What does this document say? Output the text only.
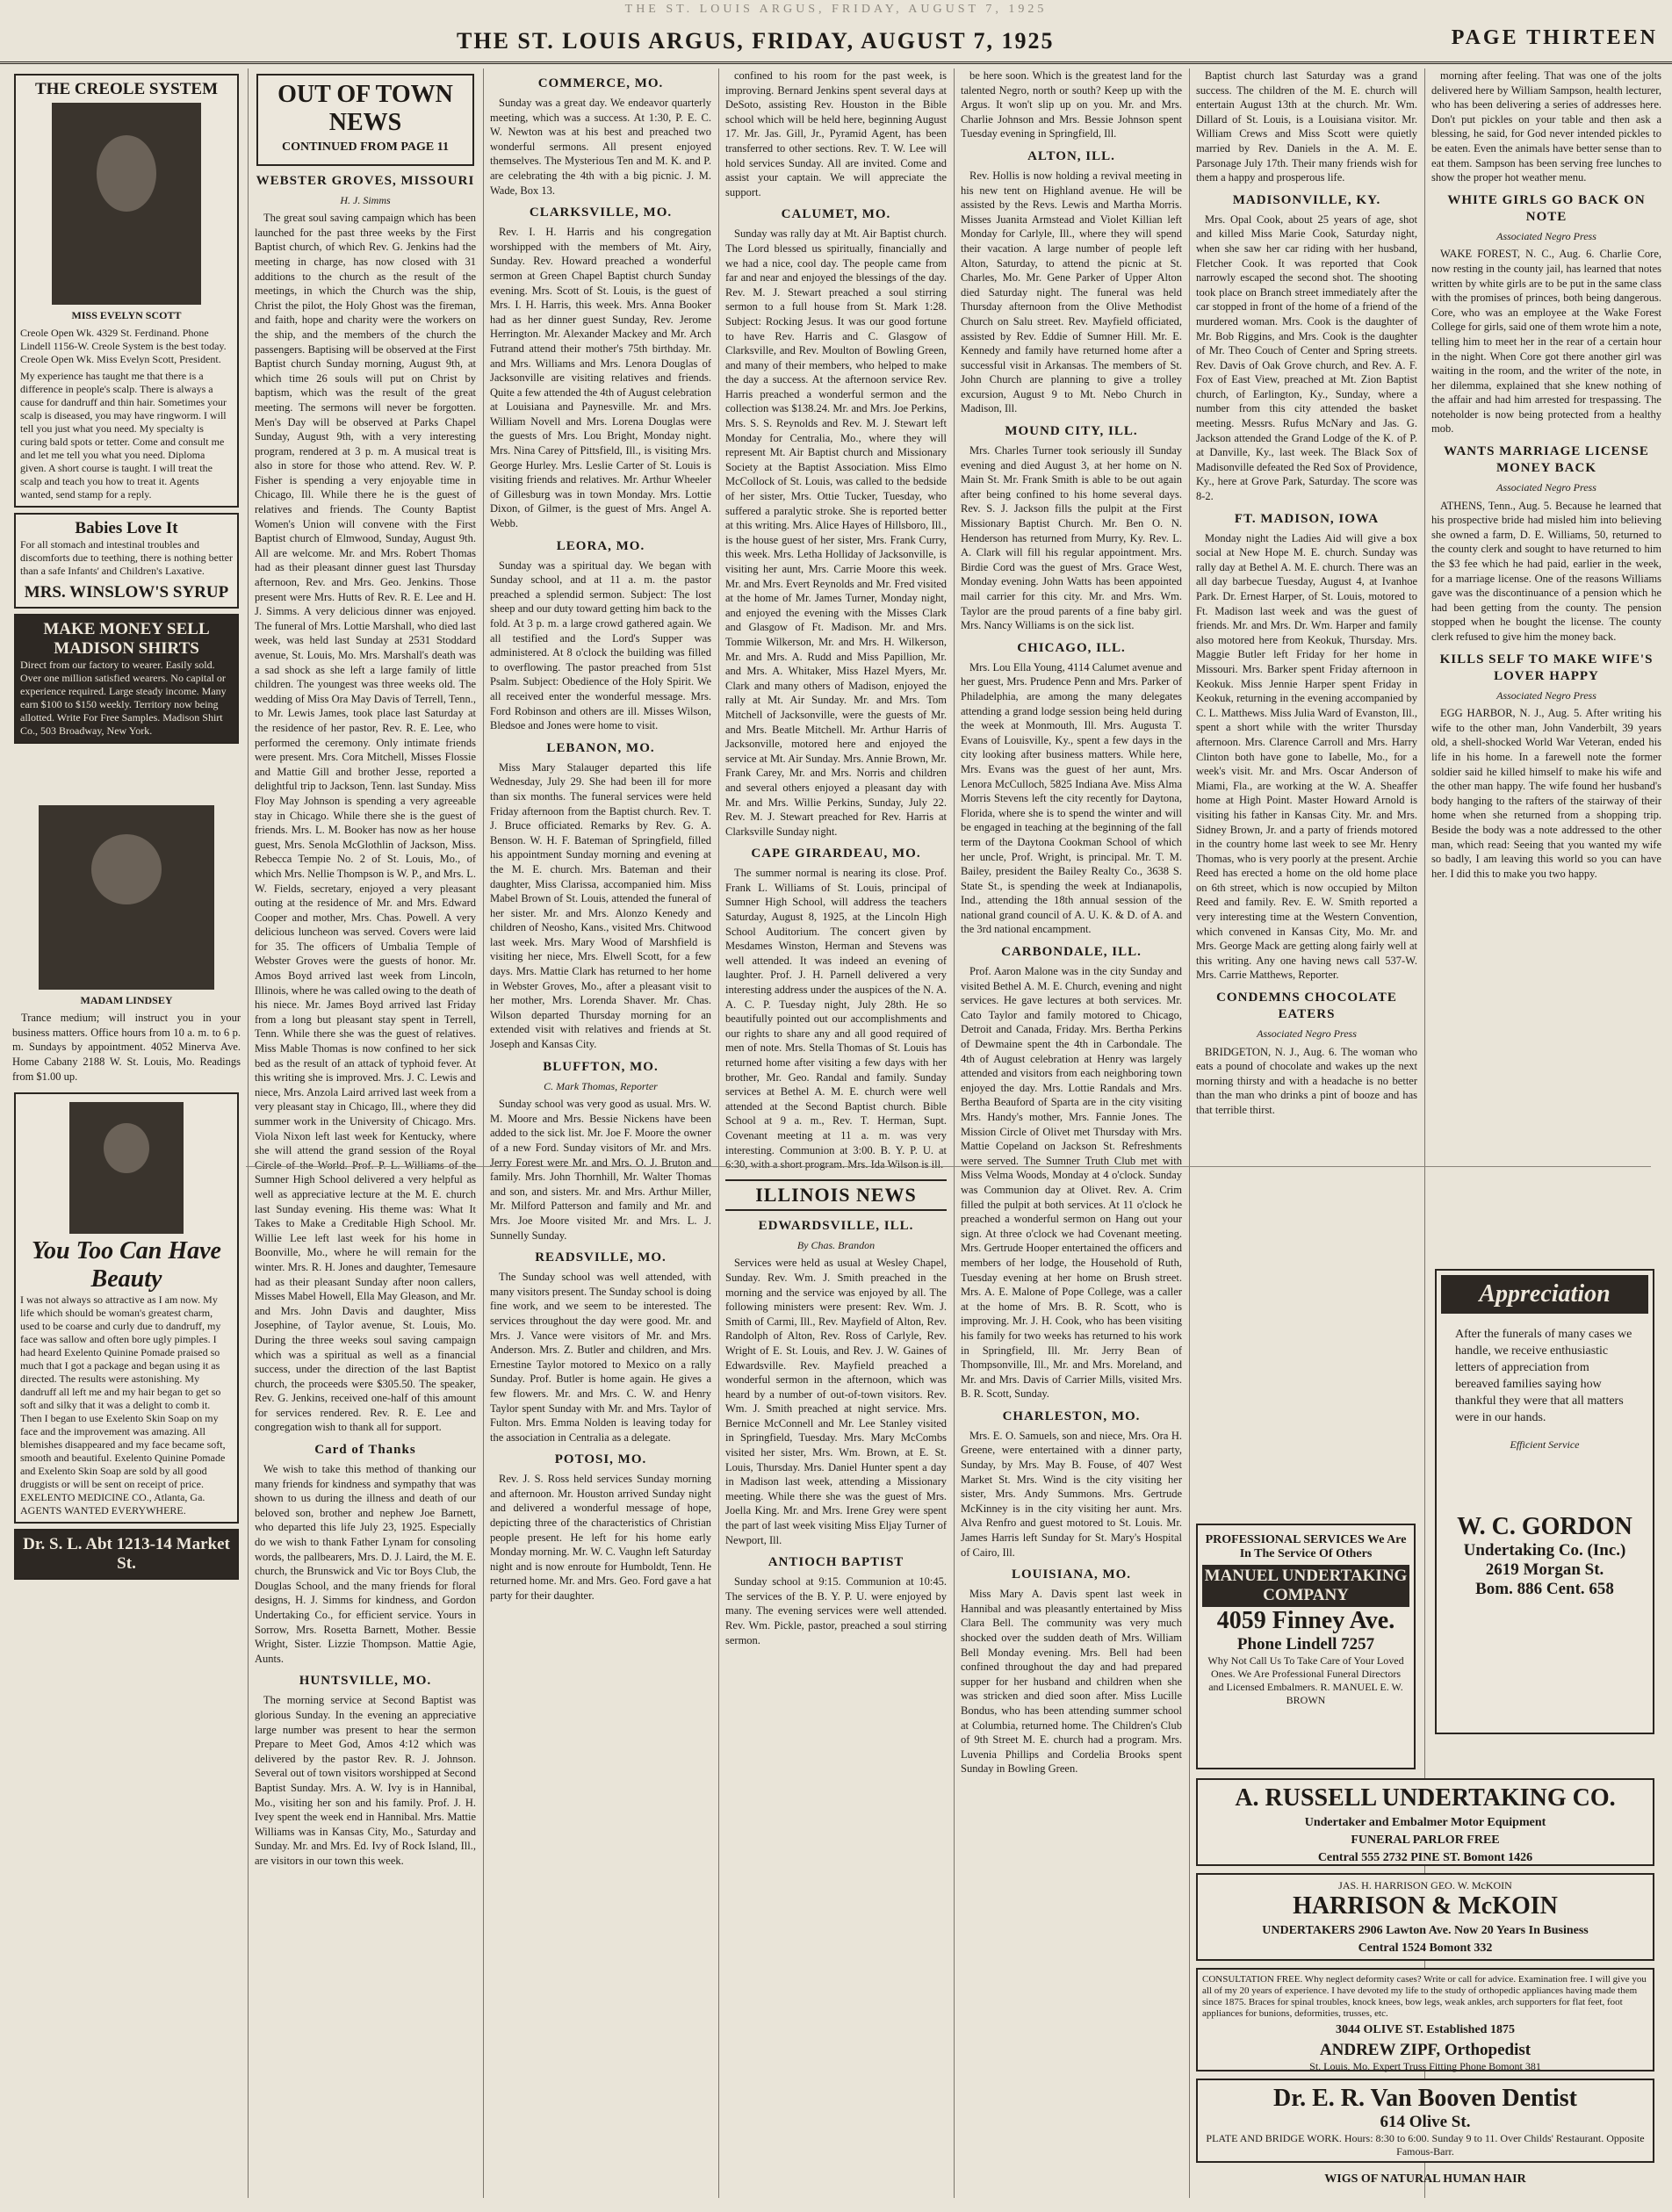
THE ST. LOUIS ARGUS, FRIDAY, AUGUST 7, 1925
THE ST. LOUIS ARGUS, FRIDAY, AUGUST 7, 1925	PAGE THIRTEEN
THE CREOLE SYSTEM
MISS EVELYN SCOTT
Creole Open Wk. 4329 St. Ferdinand. Phone Lindell 1156-W. Creole System is the best today. Creole Open Wk. Miss Evelyn Scott, President.
My experience has taught me that there is a difference in people's scalp. There is always a cause for dandruff and thin hair. Sometimes your scalp is diseased, you may have ringworm. I will tell you just what you need. My specialty is curing bald spots or tetter. Come and consult me and let me tell you what you need. Diploma given. A short course is taught. I will treat the scalp and teach you how to treat it. Agents wanted, send stamp for a reply.
Babies Love It
For all stomach and intestinal troubles and discomforts due to teething, there is nothing better than a safe Infants' and Children's Laxative.
MRS. WINSLOW'S SYRUP
MAKE MONEY SELL MADISON SHIRTS
Direct from our factory to wearer. Easily sold. Over one million satisfied wearers. No capital or experience required. Large steady income. Many earn $100 to $150 weekly. Territory now being allotted. Write For Free Samples. Madison Shirt Co., 503 Broadway, New York.
MADAM LINDSEY

Trance medium; will instruct you in your business matters. Office hours from 10 a. m. to 6 p. m. Sundays by appointment. 4052 Minerva Ave. Home Cabany 2188 W. St. Louis, Mo. Readings from $1.00 up.

You Too Can Have Beauty
I was not always so attractive as I am now. My life which should be woman's greatest charm, used to be coarse and curly due to dandruff, my face was sallow and often bore ugly pimples. I had heard Exelento Quinine Pomade praised so much that I got a package and began using it as directed. The results were astonishing. My dandruff all left me and my hair began to get so soft and silky that it was a delight to comb it. Then I began to use Exelento Skin Soap on my face and the improvement was amazing. All blemishes disappeared and my face became soft, smooth and beautiful. Exelento Quinine Pomade and Exelento Skin Soap are sold by all good druggists or will be sent on receipt of price. EXELENTO MEDICINE CO., Atlanta, Ga. AGENTS WANTED EVERYWHERE.
Dr. S. L. Abt 1213-14 Market St.
OUT OF TOWN NEWS
CONTINUED FROM PAGE 11
WEBSTER GROVES, MISSOURI
H. J. Simms

The great soul saving campaign which has been launched for the past three weeks by the First Baptist church, of which Rev. G. Jenkins had the meeting in charge, has now closed with 31 additions to the church as the result of the meetings, in which the Church was the ship, Christ the pilot, the Holy Ghost was the fireman, and faith, hope and charity were the workers on the ship, and the members of the church the passengers. Baptising will be observed at the First Baptist church Sunday morning, August 9th, at which time 26 souls will put on Christ by baptism, which was the result of the great meeting. The sermons will never be forgotten. Men's Day will be observed at Parks Chapel Sunday, August 9th, with a very interesting program, rendered at 3 p. m. A musical treat is also in store for those who attend. Rev. W. P. Fisher is spending a very enjoyable time in Chicago, Ill. While there he is the guest of relatives and friends. The County Baptist Women's Union will convene with the First Baptist church of Elmwood, Sunday, August 9th. All are welcome. Mr. and Mrs. Robert Thomas had as their pleasant dinner guest last Thursday afternoon, Rev. and Mrs. Geo. Jenkins. Those present were Mrs. Hutts of Rev. R. E. Lee and H. J. Simms. A very delicious dinner was enjoyed. The funeral of Mrs. Lottie Marshall, who died last week, was held last Sunday at 2531 Stoddard avenue, St. Louis, Mo. Mrs. Marshall's death was a sad shock as she left a large family of little children. The youngest was three weeks old. The wedding of Miss Ora May Davis of Terrell, Tenn., to Mr. Lewis James, took place last Saturday at the residence of her pastor, Rev. R. E. Lee, who performed the ceremony. Only intimate friends were present. Mrs. Cora Mitchell, Misses Flossie and Mattie Gill and brother Jesse, reported a delightful trip to Jackson, Tenn. last Sunday. Miss Floy May Johnson is spending a very agreeable stay in Chicago. While there she is the guest of friends. Mrs. L. M. Booker has now as her house guest, Mrs. Senola McGlothlin of Jackson, Miss. Rebecca Tempie No. 2 of St. Louis, Mo., of which Mrs. Nellie Thompson is W. P., and Mrs. L. W. Fields, secretary, enjoyed a very pleasant outing at the residence of Mr. and Mrs. Edward Cooper and mother, Mrs. Chas. Powell. A very delicious luncheon was served. Covers were laid for 35. The officers of Umbalia Temple of Webster Groves were the guests of honor. Mr. Amos Boyd arrived last week from Lincoln, Illinois, where he was called owing to the death of his niece. Mr. James Boyd arrived last Friday from a long but pleasant stay spent in Terrell, Tenn. While there she was the guest of relatives. Miss Mable Thomas is now confined to her sick bed as the result of an attack of typhoid fever. At this writing she is improved. Mrs. J. C. Lewis and niece, Mrs. Anzola Laird arrived last week from a very pleasant stay in Chicago, Ill., where they did summer work in the University of Chicago. Mrs. Viola Nixon left last week for Kentucky, where she will attend the grand session of the Royal Circle of the World. Prof. P. L. Williams of the Sumner High School delivered a very helpful as well as appreciative lecture at the M. E. church last Sunday evening. His theme was: What It Takes to Make a Creditable High School. Mr. Willie Lee left last week for his home in Boonville, Mo., where he will remain for the winter. Mrs. R. H. Jones and daughter, Temesaure had as their pleasant Sunday after noon callers, Misses Mabel Howell, Ella May Gleason, and Mr. and Mrs. John Davis and daughter, Miss Josephine, of Taylor avenue, St. Louis, Mo. During the three weeks soul saving campaign which was a spiritual as well as a financial success, under the direction of the last Baptist church, the proceeds were $305.50. The speaker, Rev. G. Jenkins, received one-half of this amount for services rendered. Rev. R. E. Lee and congregation wish to thank all for support.

Card of Thanks

We wish to take this method of thanking our many friends for kindness and sympathy that was shown to us during the illness and death of our beloved son, brother and nephew Joe Barnett, who departed this life July 23, 1925. Especially do we wish to thank Father Lynam for consoling words, the pallbearers, Mrs. D. J. Laird, the M. E. church, the Brunswick and Vic tor Boys Club, the Douglas School, and the many friends for floral designs, H. J. Simms for kindness, and Gordon Undertaking Co., for efficient service. Yours in Sorrow, Mrs. Rosetta Barnett, Mother. Bessie Wright, Sister. Lizzie Thompson. Mattie Agie, Aunts.

HUNTSVILLE, MO.

The morning service at Second Baptist was glorious Sunday. In the evening an appreciative large number was present to hear the sermon Prepare to Meet God, Amos 4:12 which was delivered by the pastor Rev. R. J. Johnson. Several out of town visitors worshipped at Second Baptist Sunday. Mrs. A. W. Ivy is in Hannibal, Mo., visiting her son and his family. Prof. J. H. Ivey spent the week end in Hannibal. Mrs. Mattie Williams was in Kansas City, Mo., Saturday and Sunday. Mr. and Mrs. Ed. Ivy of Rock Island, Ill., are visitors in our town this week.

COMMERCE, MO.

Sunday was a great day. We endeavor quarterly meeting, which was a success. At 1:30, P. E. C. W. Newton was at his best and preached two wonderful sermons. All present enjoyed themselves. The Mysterious Ten and M. K. and P. are celebrating the 4th with a big picnic. J. M. Wade, Box 13.

CLARKSVILLE, MO.

Rev. I. H. Harris and his congregation worshipped with the members of Mt. Airy, Sunday. Rev. Howard preached a wonderful sermon at Green Chapel Baptist church Sunday evening. Mrs. Scott of St. Louis, is the guest of Mrs. I. H. Harris, this week. Mrs. Anna Booker had as her dinner guest Sunday, Rev. Jerome Herrington. Mr. Alexander Mackey and Mr. Arch Futrand attend their mother's 75th birthday. Mr. and Mrs. Williams and Mrs. Lenora Douglas of Jacksonville are visiting relatives and friends. Quite a few attended the 4th of August celebration at Louisiana and Paynesville. Mr. and Mrs. William Novell and Mrs. Lorena Douglas were the guests of Mrs. Lou Bright, Monday night. Mrs. Nina Carey of Pittsfield, Ill., is visiting Mrs. George Hurley. Mrs. Leslie Carter of St. Louis is visiting friends and relatives. Mr. Arthur Wheeler of Gillesburg was in town Monday. Mrs. Lottie Dixon, of Gilmer, is the guest of Mrs. Angel A. Webb.

LEORA, MO.

Sunday was a spiritual day. We began with Sunday school, and at 11 a. m. the pastor preached a splendid sermon. Subject: The lost sheep and our duty toward getting him back to the fold. At 3 p. m. a large crowd gathered again. We all testified and the Lord's Supper was administered. At 8 o'clock the building was filled to overflowing. The pastor preached from 51st Psalm. Subject: Obedience of the Holy Spirit. We all received enter the wonderful message. Mrs. Ford Robinson and others are ill. Misses Wilson, Bledsoe and Jones were home to visit.

LEBANON, MO.

Miss Mary Stalauger departed this life Wednesday, July 29. She had been ill for more than six months. The funeral services were held Friday afternoon from the Baptist church. Rev. T. J. Bruce officiated. Remarks by Rev. G. A. Benson. W. H. F. Bateman of Springfield, filled his appointment Sunday morning and evening at the M. E. church. Mrs. Bateman and their daughter, Miss Clarissa, accompanied him. Miss Mabel Brown of St. Louis, attended the funeral of her sister. Mr. and Mrs. Alonzo Kenedy and children of Neosho, Kans., visited Mrs. Chitwood last week. Mrs. Mary Wood of Marshfield is visiting her niece, Mrs. Elwell Scott, for a few days. Mrs. Mattie Clark has returned to her home in Webster Groves, Mo., after a pleasant visit to her mother, Mrs. Lorenda Shaver. Mr. Chas. Wilson departed Thursday morning for an extended visit with relatives and friends at St. Joseph and Kansas City.

BLUFFTON, MO.
C. Mark Thomas, Reporter

Sunday school was very good as usual. Mrs. W. M. Moore and Mrs. Bessie Nickens have been added to the sick list. Mr. Joe F. Moore the owner of a new Ford. Sunday visitors of Mr. and Mrs. Jerry Forest were Mr. and Mrs. O. J. Bruton and family. Mrs. John Thornhill, Mr. Walter Thomas and son, and sisters. Mr. and Mrs. Arthur Miller, Mr. Milford Patterson and family and Mr. and Mrs. Joe Moore visited Mr. and Mrs. L. J. Sunnelly Sunday.

READSVILLE, MO.

The Sunday school was well attended, with many visitors present. The Sunday school is doing fine work, and we seem to be interested. The services throughout the day were good. Mr. and Mrs. J. Vance were visitors of Mr. and Mrs. Anderson. Mrs. Z. Butler and children, and Mrs. Ernestine Taylor motored to Mexico on a rally Sunday. Prof. Butler is home again. He gives a few flowers. Mr. and Mrs. C. W. and Henry Taylor spent Sunday with Mr. and Mrs. Taylor of Fulton. Mrs. Emma Nolden is leaving today for the association in Centralia as a delegate.

POTOSI, MO.

Rev. J. S. Ross held services Sunday morning and afternoon. Mr. Houston arrived Sunday night and delivered a wonderful message of hope, depicting three of the characteristics of Christian people present. He left for his home early Monday morning. Mr. W. C. Vaughn left Saturday night and is now enroute for Humboldt, Tenn. He returned home. Mr. and Mrs. Geo. Ford gave a hat party for their daughter.

confined to his room for the past week, is improving. Bernard Jenkins spent several days at DeSoto, assisting Rev. Houston in the Bible school which will be held here, beginning August 17. Mr. Jas. Gill, Jr., Pyramid Agent, has been transferred to other sections. Rev. T. W. Lee will hold services Sunday. All are invited. Come and assist your captain. We will appreciate the support.

CALUMET, MO.

Sunday was rally day at Mt. Air Baptist church. The Lord blessed us spiritually, financially and we had a nice, cool day. The people came from far and near and enjoyed the blessings of the day. Rev. M. J. Stewart preached a soul stirring sermon to a full house from St. Mark 1:28. Subject: Rocking Jesus. It was our good fortune to have Rev. Harris and C. Glasgow of Clarksville, and Rev. Moulton of Bowling Green, and many of their members, who helped to make the day a success. At the afternoon service Rev. Harris preached a wonderful sermon and the collection was $138.24. Mr. and Mrs. Joe Perkins, Mrs. S. S. Reynolds and Rev. M. J. Stewart left Monday for Centralia, Mo., where they will represent Mt. Air Baptist church and Missionary Society at the Baptist Association. Miss Elmo McCollock of St. Louis, was called to the bedside of her sister, Mrs. Ottie Tucker, Tuesday, who suffered a paralytic stroke. She is reported better at this writing. Mrs. Alice Hayes of Hillsboro, Ill., is the house guest of her sister, Mrs. Frank Curry, this week. Mrs. Letha Holliday of Jacksonville, is visiting her aunt, Mrs. Carrie Moore this week. Mr. and Mrs. Evert Reynolds and Mr. Fred visited at the home of Mr. James Turner, Monday night, and enjoyed the evening with the Misses Clark and Glasgow of Ft. Madison. Mr. and Mrs. Tommie Wilkerson, Mr. and Mrs. H. Wilkerson, Mr. and Mrs. A. Rudd and Miss Papillion, Mr. and Mrs. A. Whitaker, Miss Hazel Myers, Mr. Clark and many others of Madison, enjoyed the rally at Mt. Air Sunday. Mr. and Mrs. Tom Mitchell of Jacksonville, were the guests of Mr. and Mrs. Beatle Mitchell. Mr. Arthur Harris of Jacksonville, motored here and enjoyed the service at Mt. Air Sunday. Mrs. Annie Brown, Mr. Frank Carey, Mr. and Mrs. Norris and children and several others enjoyed a pleasant day with Mr. and Mrs. Willie Perkins, Sunday, July 22. Rev. M. J. Stewart preached for Rev. Harris at Clarksville Sunday night.

CAPE GIRARDEAU, MO.

The summer normal is nearing its close. Prof. Frank L. Williams of St. Louis, principal of Sumner High School, will address the teachers Saturday, August 8, 1925, at the Lincoln High School Auditorium. The concert given by Mesdames Winston, Herman and Stevens was well attended. It was indeed an evening of laughter. Prof. J. H. Parnell delivered a very interesting address under the auspices of the N. A. A. C. P. Tuesday night, July 28th. He so beautifully pointed out our accomplishments and our rights to share any and all good required of men of note. Mrs. Stella Thomas of St. Louis has returned home after visiting a few days with her brother, Mr. Geo. Randal and family. Sunday services at Bethel A. M. E. church were well attended at the Second Baptist church. Bible School at 9 a. m., Rev. T. Herman, Supt. Covenant meeting at 11 a. m. was very interesting. Communion at 3:00. B. Y. P. U. at 6:30, with a short program. Mrs. Ida Wilson is ill.

ILLINOIS NEWS
EDWARDSVILLE, ILL.
By Chas. Brandon

Services were held as usual at Wesley Chapel, Sunday. Rev. Wm. J. Smith preached in the morning and the service was enjoyed by all. The following ministers were present: Rev. Wm. J. Smith of Carmi, Ill., Rev. Mayfield of Alton, Rev. Randolph of Alton, Rev. Ross of Carlyle, Rev. Wright of E. St. Louis, and Rev. J. W. Gaines of Edwardsville. Rev. Mayfield preached a wonderful sermon in the afternoon, which was heard by a number of out-of-town visitors. Rev. Wm. J. Smith preached at night service. Mrs. Bernice McConnell and Mr. Lee Stanley visited in Springfield, Tuesday. Mrs. Mary McCombs visited her sister, Mrs. Wm. Brown, at E. St. Louis, Thursday. Mrs. Daniel Hunter spent a day in Madison last week, attending a Missionary meeting. While there she was the guest of Mrs. Joella King. Mr. and Mrs. Irene Grey were spent the part of last week visiting Miss Eljay Turner of Newport, Ill.

ANTIOCH BAPTIST

Sunday school at 9:15. Communion at 10:45. The services of the B. Y. P. U. were enjoyed by many. The evening services were well attended. Rev. Wm. Pickle, pastor, preached a soul stirring sermon.

be here soon. Which is the greatest land for the talented Negro, north or south? Keep up with the Argus. It won't slip up on you. Mr. and Mrs. Charlie Johnson and Mrs. Bessie Johnson spent Tuesday evening in Springfield, Ill.

ALTON, ILL.

Rev. Hollis is now holding a revival meeting in his new tent on Highland avenue. He will be assisted by the Revs. Lewis and Martha Morris. Misses Juanita Armstead and Violet Killian left Monday for Carlyle, Ill., where they will spend their vacation. A large number of people left Alton, Saturday, to attend the picnic at St. Charles, Mo. Mr. Gene Parker of Upper Alton died Saturday night. The funeral was held Thursday afternoon from the Olive Methodist Church on Salu street. Rev. Mayfield officiated, assisted by Rev. Eddie of Sumner Hill. Mr. E. Kennedy and family have returned home after a successful visit in Arkansas. The members of St. John Church are planning to give a trolley excursion, August 9 to Mt. Nebo Church in Madison, Ill.

MOUND CITY, ILL.

Mrs. Charles Turner took seriously ill Sunday evening and died August 3, at her home on N. Main St. Mr. Frank Smith is able to be out again after being confined to his home several days. Rev. S. J. Jackson fills the pulpit at the First Missionary Baptist Church. Mr. Ben O. N. Henderson has returned from Murry, Ky. Rev. L. A. Clark will fill his regular appointment. Mrs. Birdie Cord was the guest of Mrs. Grace West, Monday evening. John Watts has been appointed mail carrier for this city. Mr. and Mrs. Wm. Taylor are the proud parents of a fine baby girl. Mrs. Nancy Williams is on the sick list.

CHICAGO, ILL.

Mrs. Lou Ella Young, 4114 Calumet avenue and her guest, Mrs. Prudence Penn and Mrs. Parker of Philadelphia, are among the many delegates attending a grand lodge session being held during the week at Monmouth, Ill. Mrs. Augusta T. Evans of Louisville, Ky., spent a few days in the city looking after business matters. While here, Mrs. Evans was the guest of her aunt, Mrs. Lenora McCulloch, 5825 Indiana Ave. Miss Alma Morris Stevens left the city recently for Daytona, Florida, where she is to spend the winter and will be engaged in teaching at the beginning of the fall term of the Daytona Cookman School of which her uncle, Prof. Wright, is principal. Mr. T. M. Bailey, president the Bailey Realty Co., 3638 S. State St., is spending the week at Indianapolis, Ind., attending the 18th annual session of the national grand council of A. U. K. & D. of A. and the 3rd national encampment.

CARBONDALE, ILL.

Prof. Aaron Malone was in the city Sunday and visited Bethel A. M. E. Church, evening and night services. He gave lectures at both services. Mr. Cato Taylor and family motored to Chicago, Detroit and Canada, Friday. Mrs. Bertha Perkins of Dewmaine spent the 4th in Carbondale. The 4th of August celebration at Henry was largely attended and visitors from each neighboring town enjoyed the day. Mrs. Lottie Randals and Mrs. Bertha Beauford of Sparta are in the city visiting Mrs. Handy's mother, Mrs. Fannie Jones. The Mission Circle of Olivet met Thursday with Mrs. Mattie Copeland on Jackson St. Refreshments were served. The Sumner Truth Club met with Miss Velma Woods, Monday at 4 o'clock. Sunday was Communion day at Olivet. Rev. A. Crim filled the pulpit at both services. At 11 o'clock he preached a wonderful sermon on Hang out your sign. At three o'clock we had Covenant meeting. Mrs. Gertrude Hooper entertained the officers and members of her lodge, the Household of Ruth, Tuesday evening at her home on Brush street. Mrs. A. E. Malone of Pope College, was a caller at the home of Mrs. B. R. Scott, who is improving. Mr. J. H. Cook, who has been visiting his family for two weeks has returned to his work in Springfield, Ill. Mr. Jerry Bean of Thompsonville, Ill., Mr. and Mrs. Moreland, and Mr. and Mrs. Davis of Carrier Mills, visited Mrs. B. R. Scott, Sunday.

CHARLESTON, MO.

Mrs. E. O. Samuels, son and niece, Mrs. Ora H. Greene, were entertained with a dinner party, Sunday, by Mrs. May B. Fouse, of 407 West Market St. Mrs. Wind is the city visiting her sister, Mrs. Andy Summons. Mrs. Gertrude McKinney is in the city visiting her aunt. Mrs. Alva Renfro and guest motored to St. Louis. Mr. James Harris left Sunday for St. Mary's Hospital of Cairo, Ill.

LOUISIANA, MO.

Miss Mary A. Davis spent last week in Hannibal and was pleasantly entertained by Miss Clara Bell. The community was very much shocked over the sudden death of Mrs. William Bell Monday evening. Mrs. Bell had been confined throughout the day and had prepared supper for her husband and children when she was stricken and died soon after. Miss Lucille Bondus, who has been attending summer school at Columbia, returned home. The Children's Club of 9th Street M. E. church had a program. Mrs. Luvenia Phillips and Cordelia Brooks spent Sunday in Bowling Green.

Baptist church last Saturday was a grand success. The children of the M. E. church will entertain August 13th at the church. Mr. Wm. Dillard of St. Louis, is a Louisiana visitor. Mr. William Crews and Miss Scott were quietly married by Rev. Daniels in the A. M. E. Parsonage July 17th. Their many friends wish for them a happy and prosperous life.

MADISONVILLE, KY.

Mrs. Opal Cook, about 25 years of age, shot and killed Miss Marie Cook, Saturday night, when she saw her car riding with her husband, Fletcher Cook. It was reported that Cook narrowly escaped the second shot. The shooting took place on Branch street immediately after the car stopped in front of the home of a friend of the murdered woman. Mrs. Cook is the daughter of Mr. Bob Riggins, and Mrs. Cook is the daughter of Mr. Theo Couch of Center and Spring streets. Rev. Davis of Oak Grove church, and Rev. A. F. Fox of East View, preached at Mt. Zion Baptist church, of Earlington, Ky., Sunday, where a number from this city attended the basket meeting. Messrs. Rufus McNary and Jas. G. Jackson attended the Grand Lodge of the K. of P. at Danville, Ky., last week. The Black Sox of Madisonville defeated the Red Sox of Providence, Ky., here at Grove Park, Saturday. The score was 8-2.

FT. MADISON, IOWA

Monday night the Ladies Aid will give a box social at New Hope M. E. church. Sunday was rally day at Bethel A. M. E. church. There was an all day barbecue Tuesday, August 4, at Ivanhoe Park. Dr. Ernest Harper, of St. Louis, motored to Ft. Madison last week and was the guest of friends. Mr. and Mrs. Dr. Wm. Harper and family also motored here from Keokuk, Thursday. Mrs. Maggie Butler left Friday for her home in Missouri. Mrs. Barker spent Friday afternoon in Keokuk. Miss Jennie Harper spent Friday in Keokuk, returning in the evening accompanied by C. L. Matthews. Miss Julia Ward of Evanston, Ill., spent a short while with the writer Thursday afternoon. Mrs. Clarence Carroll and Mrs. Harry Clinton both have gone to Iabelle, Mo., for a week's visit. Mr. and Mrs. Oscar Anderson of Miami, Fla., are working at the W. A. Sheaffer home at High Point. Master Howard Arnold is visiting his father in Kansas City. Mr. and Mrs. Sidney Brown, Jr. and a party of friends motored in the country home last week to see Mr. Henry Thomas, who is very poorly at the present. Archie Reed has erected a home on the old home place on 6th street, which is now occupied by Milton Reed and family. Rev. E. W. Smith reported a very interesting time at the Western Convention, which convened in Kansas City, Mo. Mr. and Mrs. George Mack are getting along fairly well at this writing. Any one having news call 537-W. Mrs. Carrie Matthews, Reporter.

CONDEMNS CHOCOLATE EATERS
Associated Negro Press

BRIDGETON, N. J., Aug. 6. The woman who eats a pound of chocolate and wakes up the next morning thirsty and with a headache is no better than the man who drinks a pint of booze and has that terrible thirst.

morning after feeling. That was one of the jolts delivered here by William Sampson, health lecturer, who has been delivering a series of addresses here. Don't put pickles on your table and then ask a blessing, he said, for God never intended pickles to be eaten. Even the animals have better sense than to eat them. Sampson has been serving free lunches to show the proper hot weather menu.

WHITE GIRLS GO BACK ON NOTE
Associated Negro Press

WAKE FOREST, N. C., Aug. 6. Charlie Core, now resting in the county jail, has learned that notes written by white girls are to be put in the same class with the promises of princes, both being dangerous. Core, who was an employee at the Wake Forest College for girls, said one of them wrote him a note, telling him to meet her in the rear of a certain hour in the night. When Core got there another girl was waiting in the room, and the writer of the note, in her dilemma, explained that she knew nothing of the affair and had him arrested for trespassing. The noteholder is now being protected from a healthy mob.

WANTS MARRIAGE LICENSE MONEY BACK
Associated Negro Press

ATHENS, Tenn., Aug. 5. Because he learned that his prospective bride had misled him into believing she owned a farm, D. E. Williams, 50, returned to the county clerk and sought to have returned to him the $3 fee which he had paid, earlier in the week, for a marriage license. One of the reasons Williams gave was the discontinuance of a pension which he had been getting from the county. The pension stopped when he bought the license. The county clerk refused to give him the money back.

KILLS SELF TO MAKE WIFE'S LOVER HAPPY
Associated Negro Press

EGG HARBOR, N. J., Aug. 5. After writing his wife to the other man, John Vanderbilt, 39 years old, a shell-shocked World War Veteran, ended his life in his home. In a farewell note the former soldier said he killed himself to make his wife and the other man happy. The wife found her husband's body hanging to the rafters of the stairway of their home when she returned from a shopping trip. Beside the body was a note addressed to the other man, which read: Seeing that you wanted my wife so badly, I am leaving this world so you can have her. I did this to make you two happy.

PROFESSIONAL SERVICES We Are In The Service Of Others
MANUEL UNDERTAKING COMPANY
4059 Finney Ave.
Phone Lindell 7257
Why Not Call Us To Take Care of Your Loved Ones. We Are Professional Funeral Directors and Licensed Embalmers. R. MANUEL E. W. BROWN
Appreciation
After the funerals of many cases we handle, we receive enthusiastic letters of appreciation from bereaved families saying how thankful they were that all matters were in our hands.
Efficient Service
W. C. GORDON
Undertaking Co. (Inc.)
2619 Morgan St.
Bom. 886 Cent. 658
A. RUSSELL UNDERTAKING CO.
Undertaker and Embalmer Motor Equipment
FUNERAL PARLOR FREE
Central 555 2732 PINE ST. Bomont 1426
JAS. H. HARRISON GEO. W. McKOIN
HARRISON & McKOIN
UNDERTAKERS 2906 Lawton Ave. Now 20 Years In Business
Central 1524 Bomont 332
CONSULTATION FREE. Why neglect deformity cases? Write or call for advice. Examination free. I will give you all of my 20 years of experience. I have devoted my life to the study of orthopedic appliances having made them since 1875. Braces for spinal troubles, knock knees, bow legs, weak ankles, arch supporters for flat feet, foot appliances for bunions, deformities, trusses, etc.
3044 OLIVE ST. Established 1875
ANDREW ZIPF, Orthopedist
St. Louis, Mo. Expert Truss Fitting Phone Bomont 381
Dr. E. R. Van Booven Dentist
614 Olive St.
PLATE AND BRIDGE WORK. Hours: 8:30 to 6:00. Sunday 9 to 11. Over Childs' Restaurant. Opposite Famous-Barr.
WIGS OF NATURAL HUMAN HAIR
